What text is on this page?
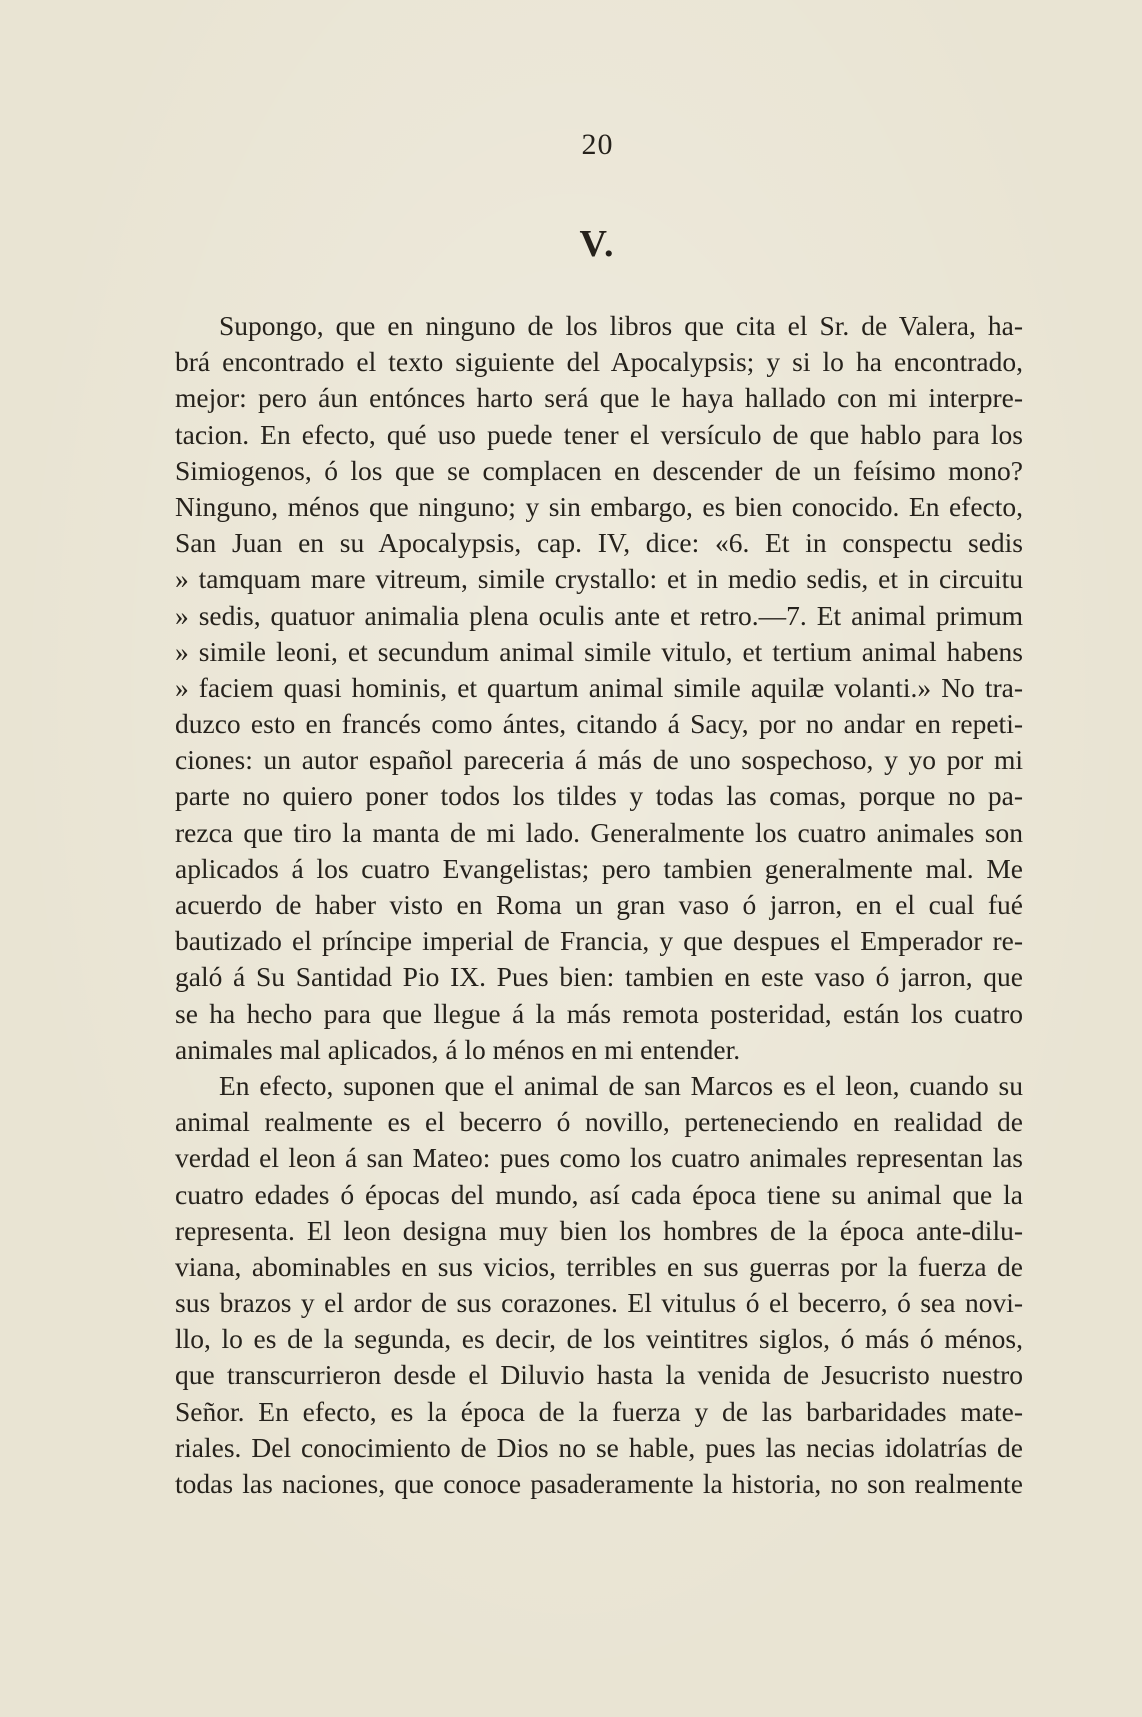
20
V.
Supongo, que en ninguno de los libros que cita el Sr. de Valera, ha-
brá encontrado el texto siguiente del Apocalypsis; y si lo ha encontrado,
mejor: pero áun entónces harto será que le haya hallado con mi interpre-
tacion. En efecto, qué uso puede tener el versículo de que hablo para los
Simiogenos, ó los que se complacen en descender de un feísimo mono?
Ninguno, ménos que ninguno; y sin embargo, es bien conocido. En efecto,
San Juan en su Apocalypsis, cap. IV, dice: «6. Et in conspectu sedis
» tamquam mare vitreum, simile crystallo: et in medio sedis, et in circuitu
» sedis, quatuor animalia plena oculis ante et retro.—7. Et animal primum
» simile leoni, et secundum animal simile vitulo, et tertium animal habens
» faciem quasi hominis, et quartum animal simile aquilæ volanti.» No tra-
duzco esto en francés como ántes, citando á Sacy, por no andar en repeti-
ciones: un autor español pareceria á más de uno sospechoso, y yo por mi
parte no quiero poner todos los tildes y todas las comas, porque no pa-
rezca que tiro la manta de mi lado. Generalmente los cuatro animales son
aplicados á los cuatro Evangelistas; pero tambien generalmente mal. Me
acuerdo de haber visto en Roma un gran vaso ó jarron, en el cual fué
bautizado el príncipe imperial de Francia, y que despues el Emperador re-
galó á Su Santidad Pio IX. Pues bien: tambien en este vaso ó jarron, que
se ha hecho para que llegue á la más remota posteridad, están los cuatro
animales mal aplicados, á lo ménos en mi entender.
En efecto, suponen que el animal de san Marcos es el leon, cuando su
animal realmente es el becerro ó novillo, perteneciendo en realidad de
verdad el leon á san Mateo: pues como los cuatro animales representan las
cuatro edades ó épocas del mundo, así cada época tiene su animal que la
representa. El leon designa muy bien los hombres de la época ante-dilu-
viana, abominables en sus vicios, terribles en sus guerras por la fuerza de
sus brazos y el ardor de sus corazones. El vitulus ó el becerro, ó sea novi-
llo, lo es de la segunda, es decir, de los veintitres siglos, ó más ó ménos,
que transcurrieron desde el Diluvio hasta la venida de Jesucristo nuestro
Señor. En efecto, es la época de la fuerza y de las barbaridades mate-
riales. Del conocimiento de Dios no se hable, pues las necias idolatrías de
todas las naciones, que conoce pasaderamente la historia, no son realmente
